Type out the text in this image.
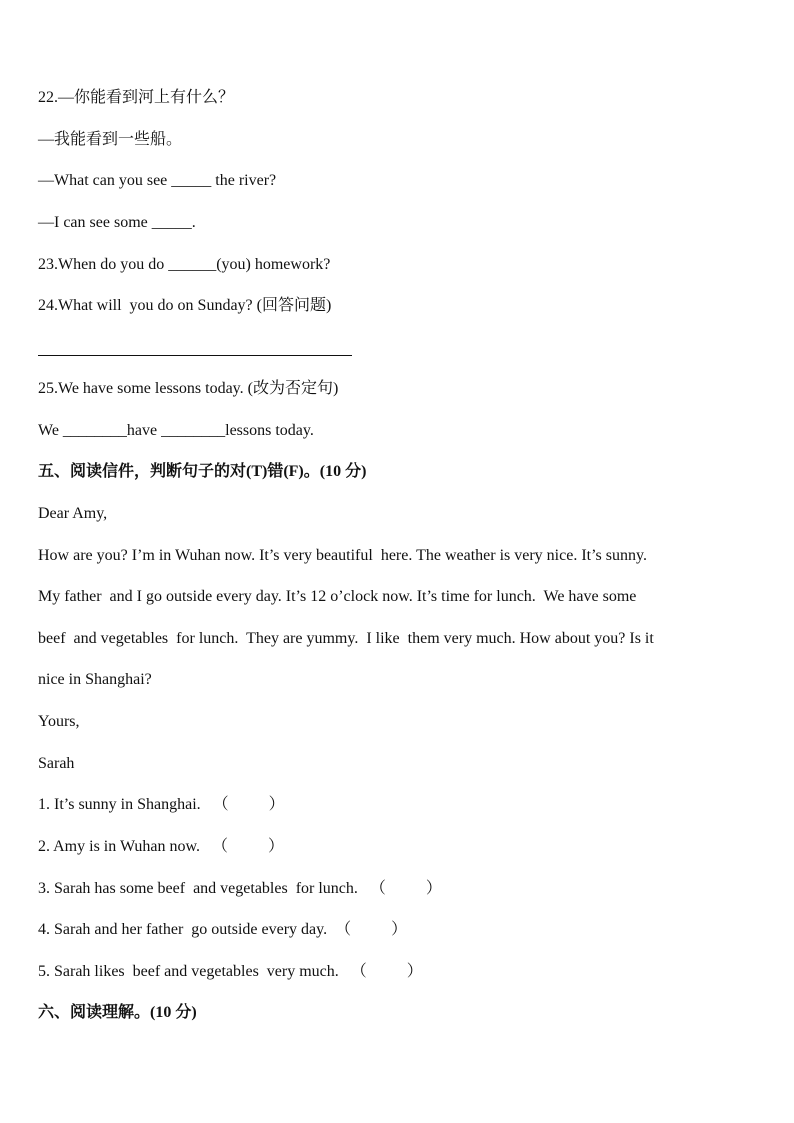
22.—你能看到河上有什么？
—我能看到一些船。
—What can you see _____ the river?
—I can see some _____.
23.When do you do ______(you) homework?
24.What will  you do on Sunday? (回答问题)
25.We have some lessons today. (改为否定句)
We ________have ________lessons today.
五、阅读信件，判断句子的对(T)错(F)。(10 分)
Dear Amy,
How are you? I’m in Wuhan now. It’s very beautiful  here. The weather is very nice. It’s sunny.
My father  and I go outside every day. It’s 12 o’clock now. It’s time for lunch.  We have some
beef  and vegetables  for lunch.  They are yummy.  I like  them very much. How about you? Is it
nice in Shanghai?
Yours,
Sarah
1. It’s sunny in Shanghai.   （          ）
2. Amy is in Wuhan now.   （          ）
3. Sarah has some beef  and vegetables  for lunch.   （          ）
4. Sarah and her father  go outside every day.  （          ）
5. Sarah likes  beef and vegetables  very much.   （          ）
六、阅读理解。(10 分)
